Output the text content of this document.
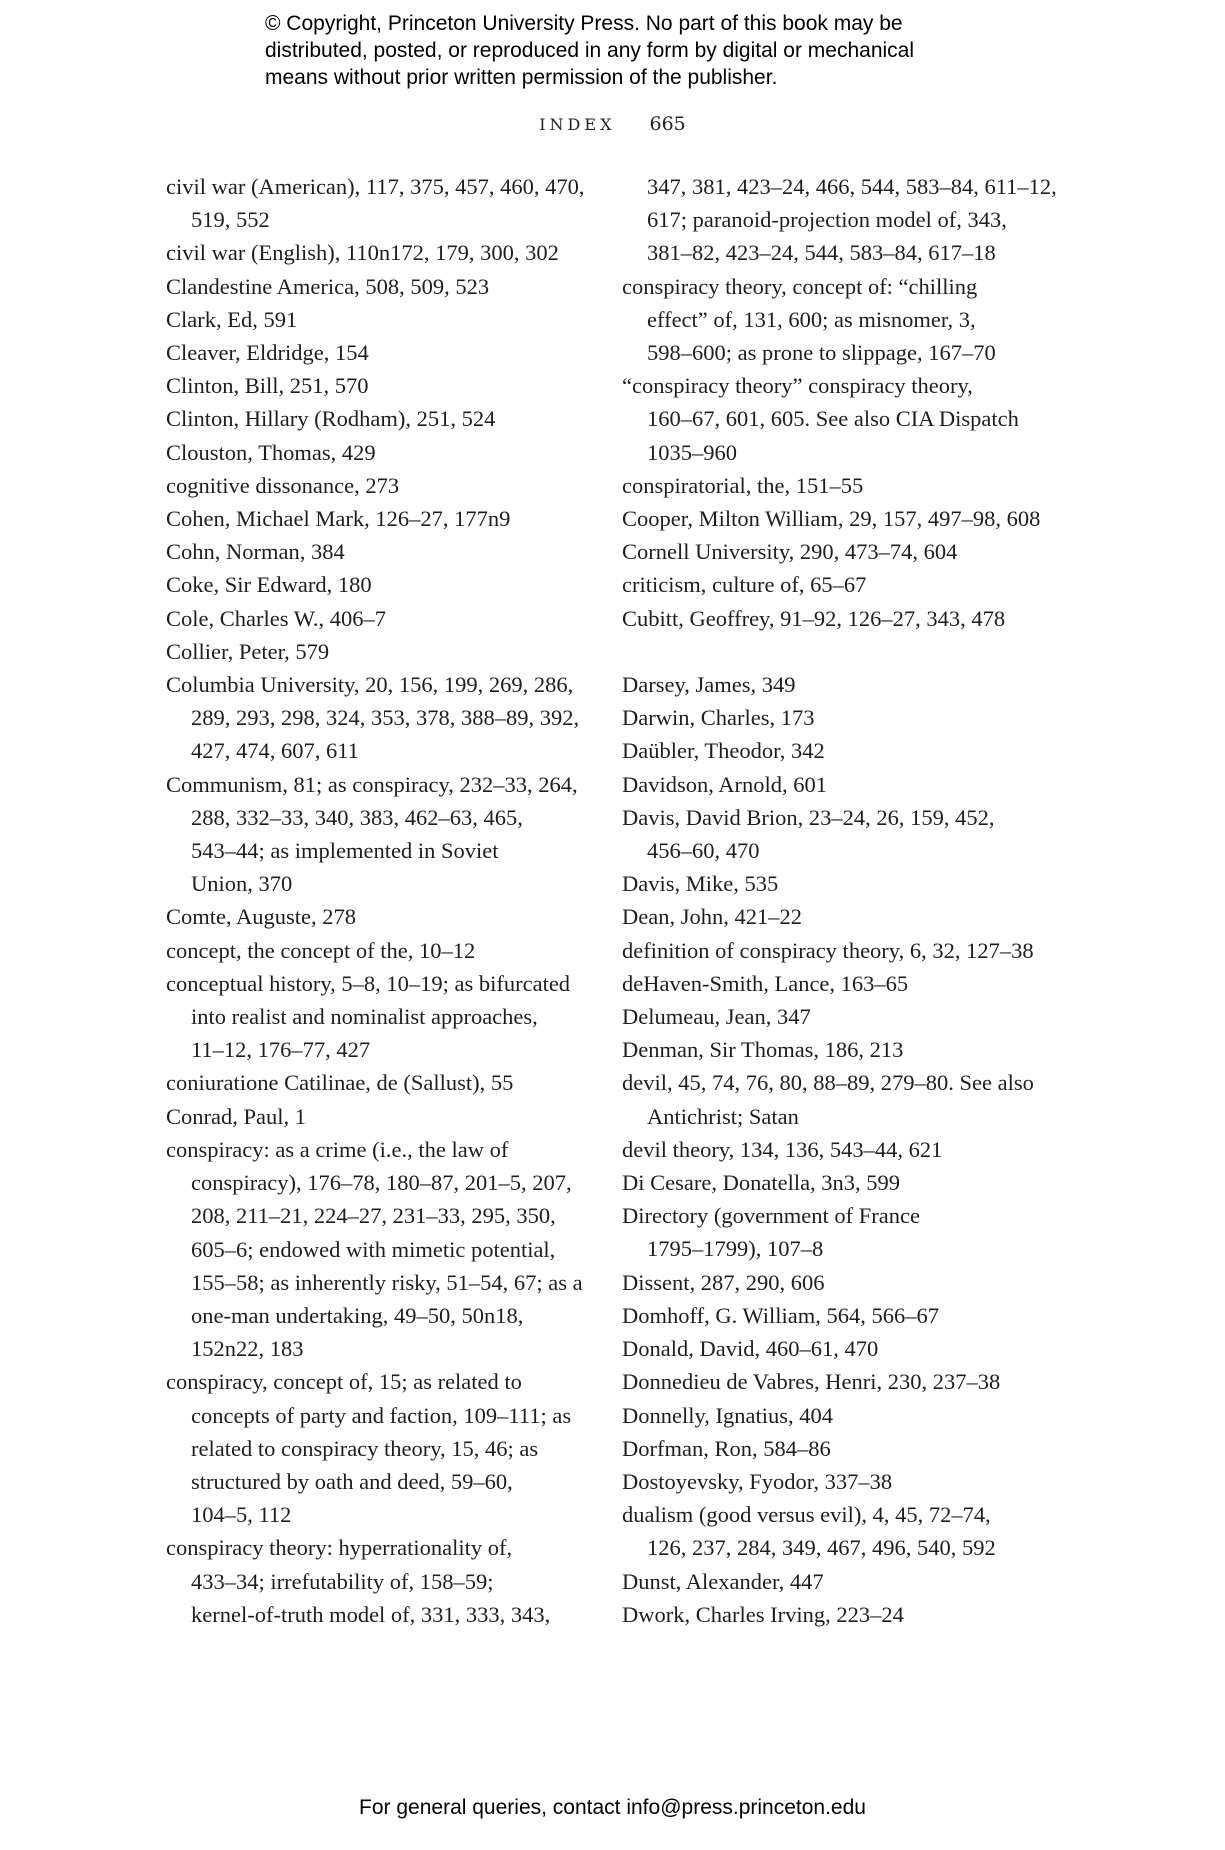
© Copyright, Princeton University Press. No part of this book may be
distributed, posted, or reproduced in any form by digital or mechanical
means without prior written permission of the publisher.
INDEX 665

civil war (American), 117, 375, 457, 460, 470,

519, 552

civil war (English), 110n172, 179, 300, 302

Clandestine America, 508, 509, 523

Clark, Ed, 591

Cleaver, Eldridge, 154

Clinton, Bill, 251, 570

Clinton, Hillary (Rodham), 251, 524

Clouston, Thomas, 429

cognitive dissonance, 273

Cohen, Michael Mark, 126–27, 177n9

Cohn, Norman, 384

Coke, Sir Edward, 180

Cole, Charles W., 406–7

Collier, Peter, 579

Columbia University, 20, 156, 199, 269, 286,

289, 293, 298, 324, 353, 378, 388–89, 392,

427, 474, 607, 611

Communism, 81; as conspiracy, 232–33, 264,

288, 332–33, 340, 383, 462–63, 465,

543–44; as implemented in Soviet

Union, 370

Comte, Auguste, 278

concept, the concept of the, 10–12

conceptual history, 5–8, 10–19; as bifurcated

into realist and nominalist approaches,

11–12, 176–77, 427

coniuratione Catilinae, de (Sallust), 55

Conrad, Paul, 1

conspiracy: as a crime (i.e., the law of

conspiracy), 176–78, 180–87, 201–5, 207,

208, 211–21, 224–27, 231–33, 295, 350,

605–6; endowed with mimetic potential,

155–58; as inherently risky, 51–54, 67; as a

one-man undertaking, 49–50, 50n18,

152n22, 183

conspiracy, concept of, 15; as related to

concepts of party and faction, 109–111; as

related to conspiracy theory, 15, 46; as

structured by oath and deed, 59–60,

104–5, 112

conspiracy theory: hyperrationality of,

433–34; irrefutability of, 158–59;

kernel-of-truth model of, 331, 333, 343,

347, 381, 423–24, 466, 544, 583–84, 611–12,

617; paranoid-projection model of, 343,

381–82, 423–24, 544, 583–84, 617–18

conspiracy theory, concept of: “chilling

effect” of, 131, 600; as misnomer, 3,

598–600; as prone to slippage, 167–70

“conspiracy theory” conspiracy theory,

160–67, 601, 605. See also CIA Dispatch

1035–960

conspiratorial, the, 151–55

Cooper, Milton William, 29, 157, 497–98, 608

Cornell University, 290, 473–74, 604

criticism, culture of, 65–67

Cubitt, Geoffrey, 91–92, 126–27, 343, 478

Darsey, James, 349

Darwin, Charles, 173

Daübler, Theodor, 342

Davidson, Arnold, 601

Davis, David Brion, 23–24, 26, 159, 452,

456–60, 470

Davis, Mike, 535

Dean, John, 421–22

definition of conspiracy theory, 6, 32, 127–38

deHaven-Smith, Lance, 163–65

Delumeau, Jean, 347

Denman, Sir Thomas, 186, 213

devil, 45, 74, 76, 80, 88–89, 279–80. See also

Antichrist; Satan

devil theory, 134, 136, 543–44, 621

Di Cesare, Donatella, 3n3, 599

Directory (government of France

1795–1799), 107–8

Dissent, 287, 290, 606

Domhoff, G. William, 564, 566–67

Donald, David, 460–61, 470

Donnedieu de Vabres, Henri, 230, 237–38

Donnelly, Ignatius, 404

Dorfman, Ron, 584–86

Dostoyevsky, Fyodor, 337–38

dualism (good versus evil), 4, 45, 72–74,

126, 237, 284, 349, 467, 496, 540, 592

Dunst, Alexander, 447

Dwork, Charles Irving, 223–24

For general queries, contact info@press.princeton.edu
